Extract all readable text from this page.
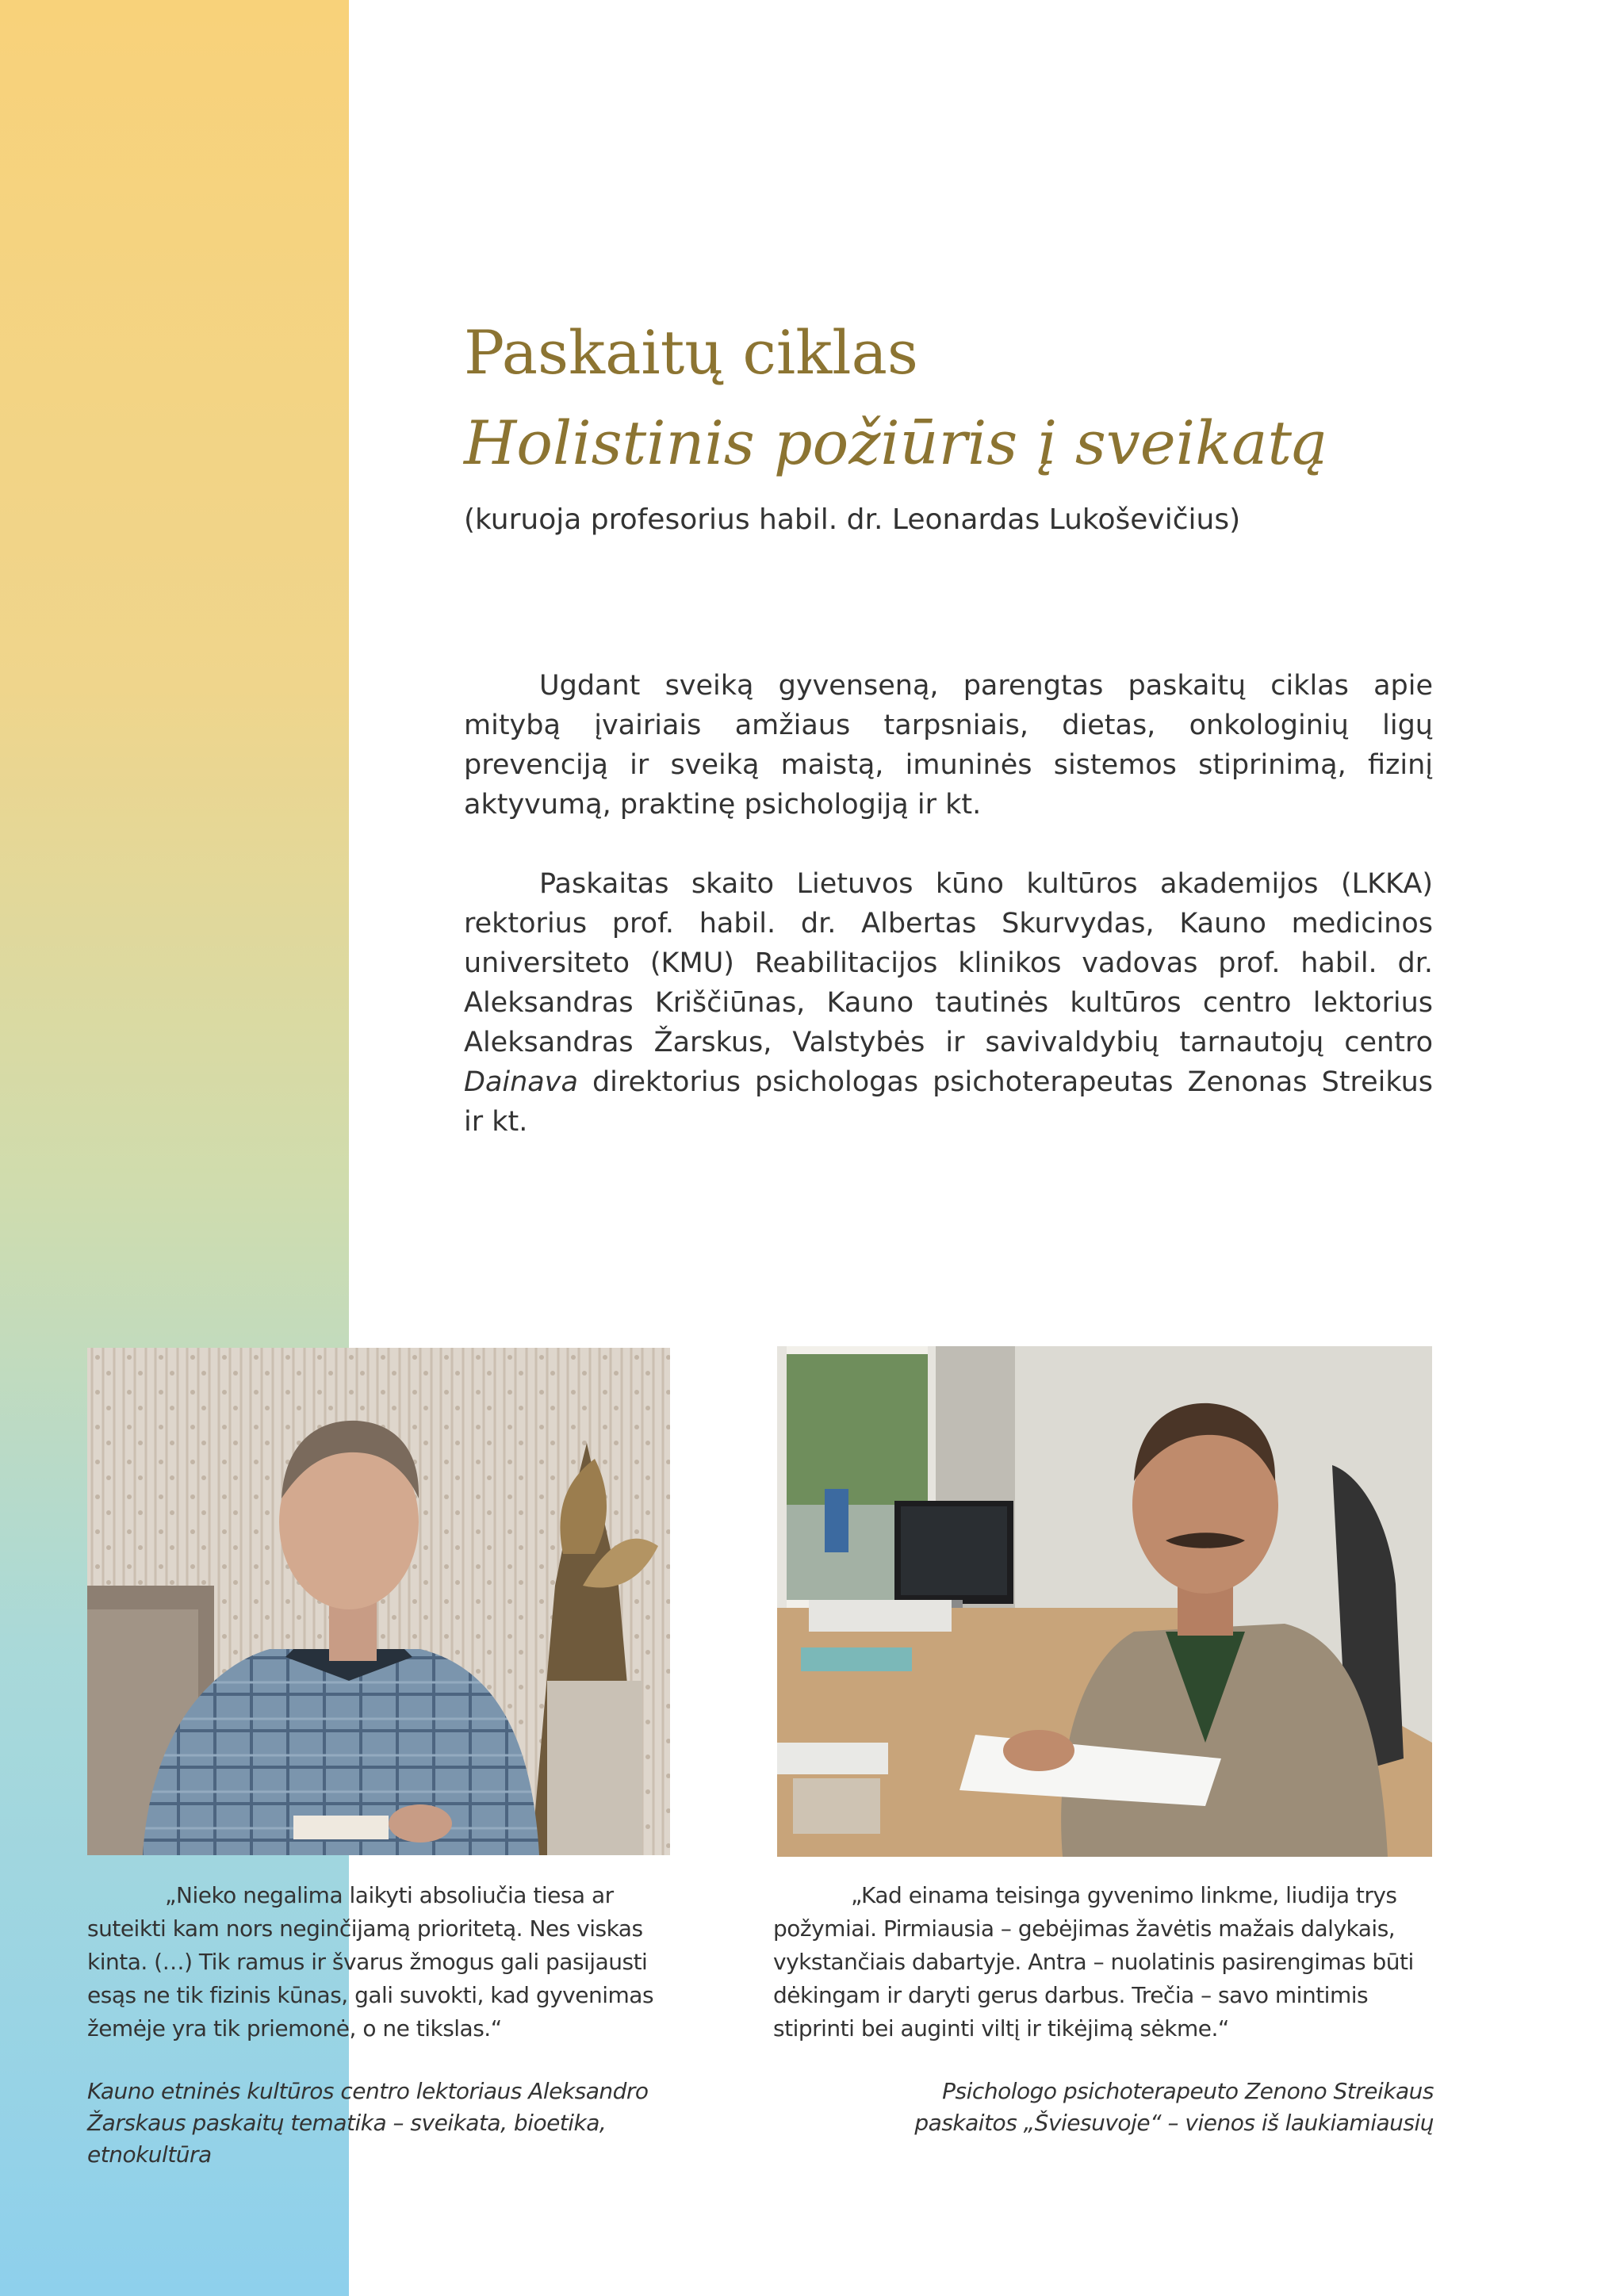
Paskaitų ciklas
Holistinis požiūris į sveikatą

(kuruoja profesorius habil. dr. Leonardas Lukoševičius)

Ugdant sveiką gyvenseną, parengtas paskaitų ciklas apie mitybą įvairiais amžiaus tarpsniais, dietas, onkologinių ligų prevenciją ir sveiką maistą, imuninės sistemos stiprinimą, fizinį aktyvumą, praktinę psichologiją ir kt.

Paskaitas skaito Lietuvos kūno kultūros akademijos (LKKA) rektorius prof. habil. dr. Albertas Skurvydas, Kauno medicinos universiteto (KMU) Reabilitacijos klinikos vadovas prof. habil. dr. Aleksandras Kriščiūnas, Kauno tautinės kultūros centro lektorius Aleksandras Žarskus, Valstybės ir savivaldybių tarnautojų centro Dainava direktorius psichologas psichoterapeutas Zenonas Streikus ir kt.

„Nieko negalima laikyti absoliučia tiesa ar suteikti kam nors neginčijamą prioritetą. Nes viskas kinta. (…) Tik ramus ir švarus žmogus gali pasijausti esąs ne tik fizinis kūnas, gali suvokti, kad gyvenimas žemėje yra tik priemonė, o ne tikslas.“

„Kad einama teisinga gyvenimo linkme, liudija trys požymiai. Pirmiausia – gebėjimas žavėtis mažais dalykais, vykstančiais dabartyje. Antra – nuolatinis pasirengimas būti dėkingam ir daryti gerus darbus. Trečia – savo mintimis stiprinti bei auginti viltį ir tikėjimą sėkme.“

Kauno etninės kultūros centro lektoriaus Aleksandro Žarskaus paskaitų tematika – sveikata, bioetika, etnokultūra

Psichologo psichoterapeuto Zenono Streikaus paskaitos „Šviesuvoje“ – vienos iš laukiamiausių
